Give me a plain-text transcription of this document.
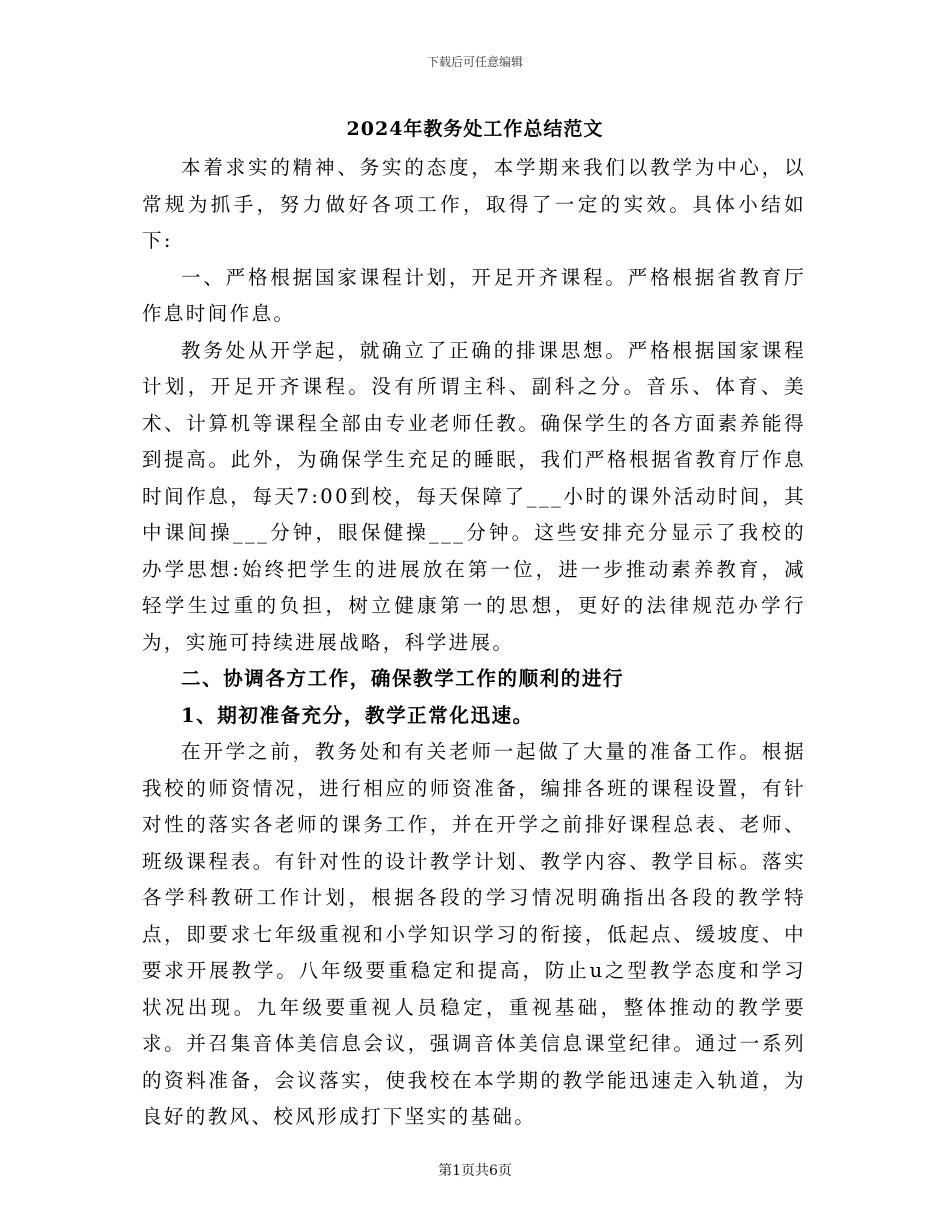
下载后可任意编辑
2024年教务处工作总结范文

本着求实的精神、务实的态度，本学期来我们以教学为中心，以常规为抓手，努力做好各项工作，取得了一定的实效。具体小结如下:

一、严格根据国家课程计划，开足开齐课程。严格根据省教育厅作息时间作息。

教务处从开学起，就确立了正确的排课思想。严格根据国家课程计划，开足开齐课程。没有所谓主科、副科之分。音乐、体育、美术、计算机等课程全部由专业老师任教。确保学生的各方面素养能得到提高。此外，为确保学生充足的睡眠，我们严格根据省教育厅作息时间作息，每天7:00到校，每天保障了___小时的课外活动时间，其中课间操___分钟，眼保健操___分钟。这些安排充分显示了我校的办学思想:始终把学生的进展放在第一位，进一步推动素养教育，减轻学生过重的负担，树立健康第一的思想，更好的法律规范办学行为，实施可持续进展战略，科学进展。

二、协调各方工作，确保教学工作的顺利的进行

1、期初准备充分，教学正常化迅速。

在开学之前，教务处和有关老师一起做了大量的准备工作。根据我校的师资情况，进行相应的师资准备，编排各班的课程设置，有针对性的落实各老师的课务工作，并在开学之前排好课程总表、老师、班级课程表。有针对性的设计教学计划、教学内容、教学目标。落实各学科教研工作计划，根据各段的学习情况明确指出各段的教学特点，即要求七年级重视和小学知识学习的衔接，低起点、缓坡度、中要求开展教学。八年级要重稳定和提高，防止u之型教学态度和学习状况出现。九年级要重视人员稳定，重视基础，整体推动的教学要求。并召集音体美信息会议，强调音体美信息课堂纪律。通过一系列的资料准备，会议落实，使我校在本学期的教学能迅速走入轨道，为良好的教风、校风形成打下坚实的基础。

第1页共6页
